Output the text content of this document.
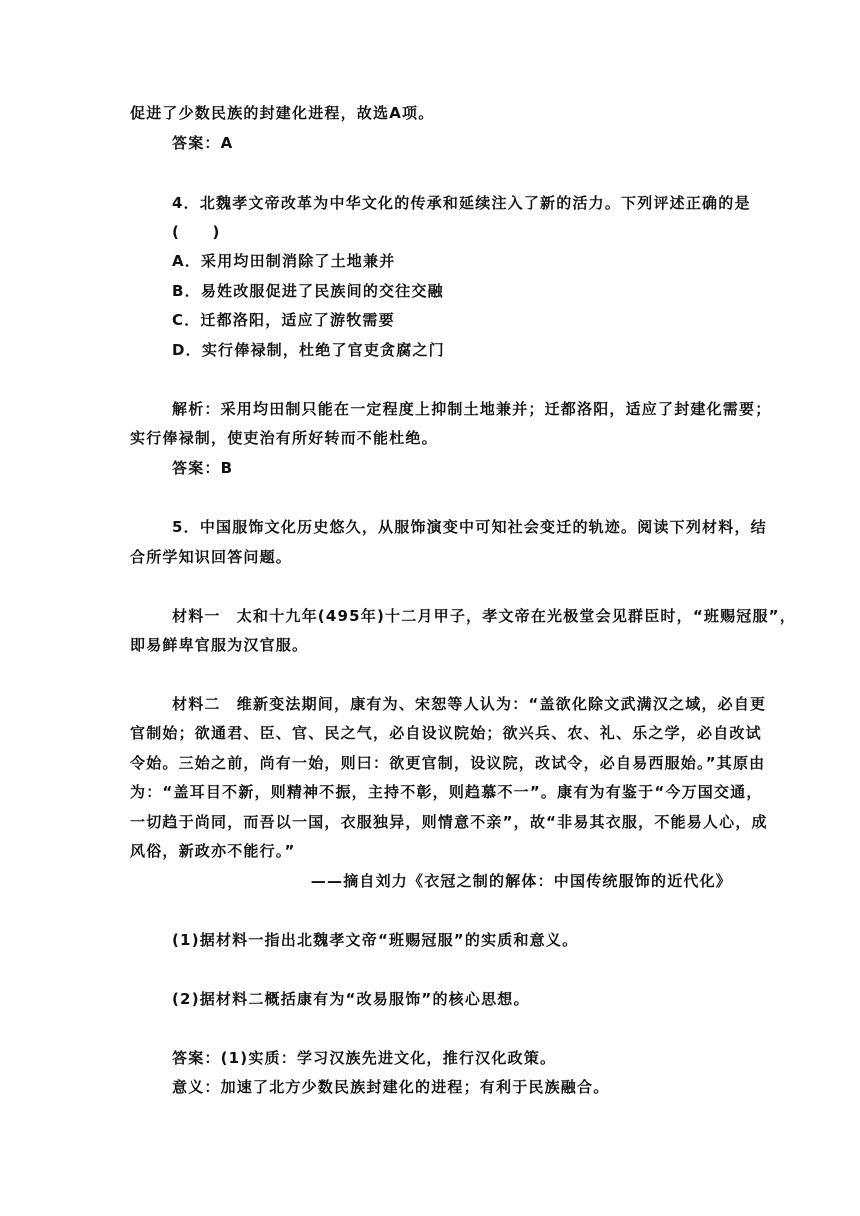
促进了少数民族的封建化进程，故选A项。
答案：A
4．北魏孝文帝改革为中华文化的传承和延续注入了新的活力。下列评述正确的是
(　　)
A．采用均田制消除了土地兼并
B．易姓改服促进了民族间的交往交融
C．迁都洛阳，适应了游牧需要
D．实行俸禄制，杜绝了官吏贪腐之门
解析：采用均田制只能在一定程度上抑制土地兼并；迁都洛阳，适应了封建化需要；
实行俸禄制，使吏治有所好转而不能杜绝。
答案：B
5．中国服饰文化历史悠久，从服饰演变中可知社会变迁的轨迹。阅读下列材料，结
合所学知识回答问题。
材料一　太和十九年(495年)十二月甲子，孝文帝在光极堂会见群臣时，“班赐冠服”，
即易鲜卑官服为汉官服。
材料二　维新变法期间，康有为、宋恕等人认为：“盖欲化除文武满汉之域，必自更
官制始；欲通君、臣、官、民之气，必自设议院始；欲兴兵、农、礼、乐之学，必自改试
令始。三始之前，尚有一始，则曰：欲更官制，设议院，改试令，必自易西服始。”其原由
为：“盖耳目不新，则精神不振，主持不彰，则趋慕不一”。康有为有鉴于“今万国交通，
一切趋于尚同，而吾以一国，衣服独异，则情意不亲”，故“非易其衣服，不能易人心，成
风俗，新政亦不能行。”
——摘自刘力《衣冠之制的解体：中国传统服饰的近代化》
(1)据材料一指出北魏孝文帝“班赐冠服”的实质和意义。
(2)据材料二概括康有为“改易服饰”的核心思想。
答案：(1)实质：学习汉族先进文化，推行汉化政策。
意义：加速了北方少数民族封建化的进程；有利于民族融合。
